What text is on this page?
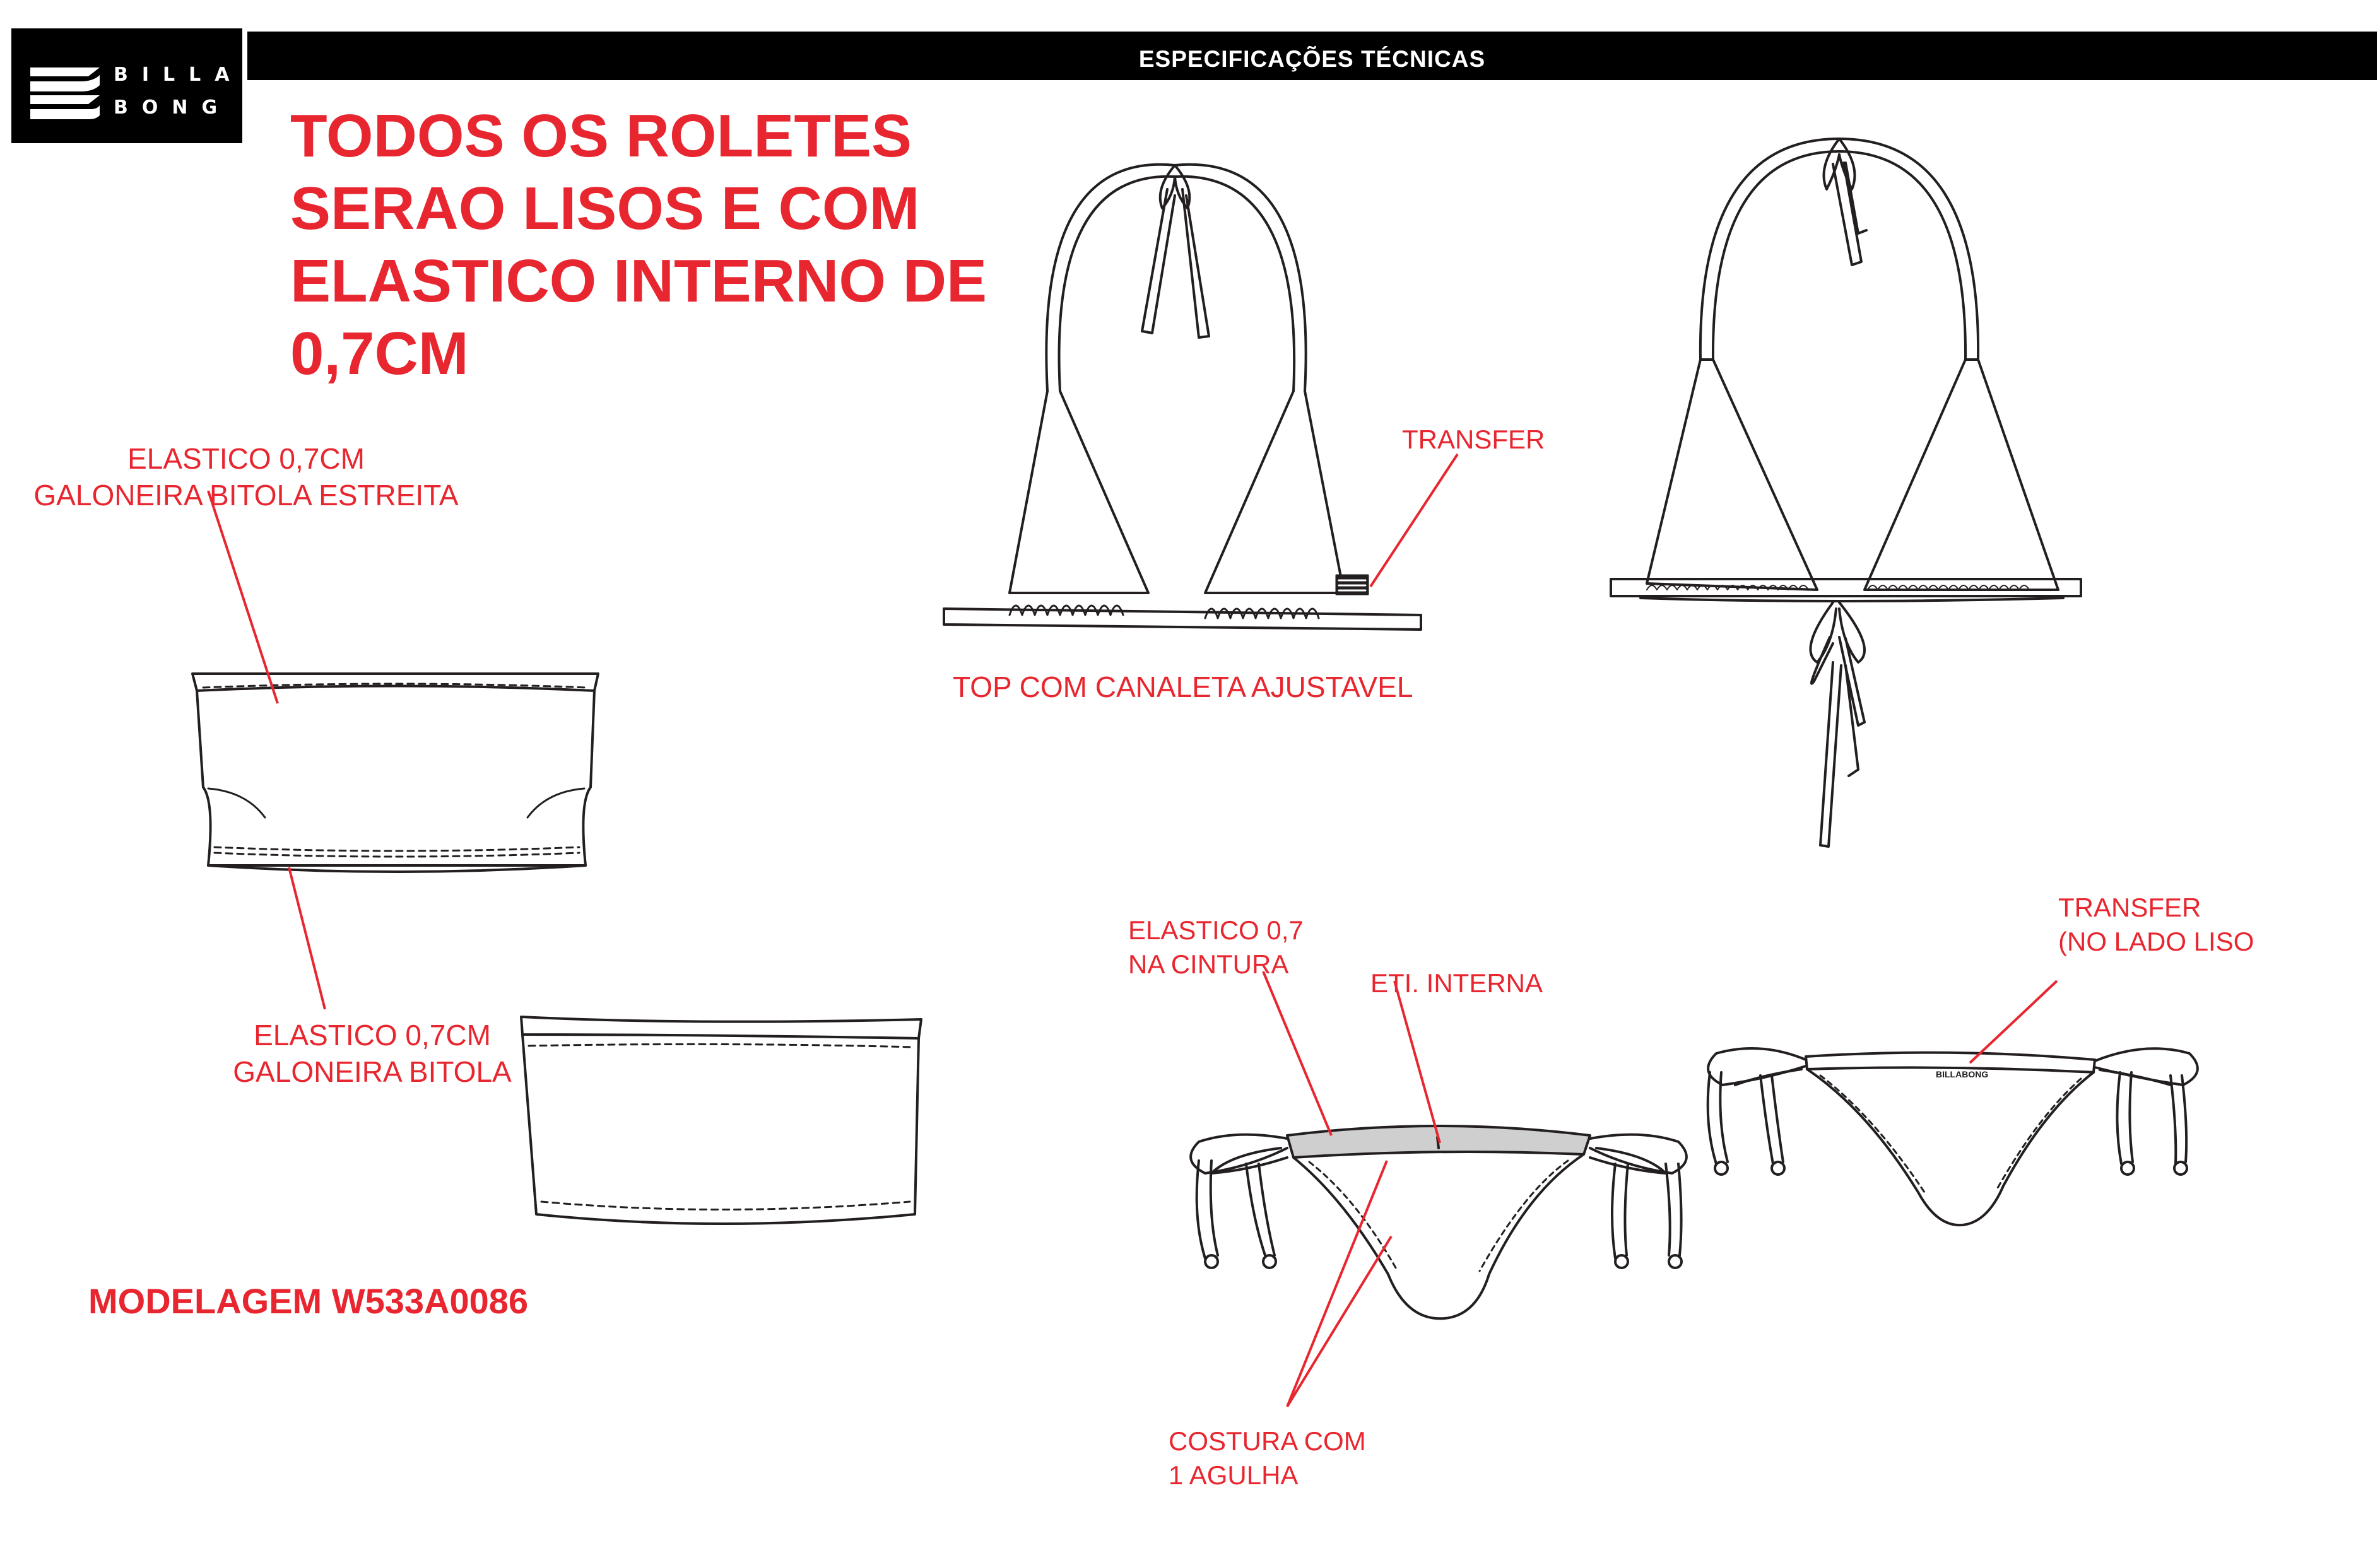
BILLA
BONG
ESPECIFICAÇÕES TÉCNICAS
TODOS OS ROLETES SERAO LISOS E COM ELASTICO INTERNO DE 0,7CM
BILLABONG
ELASTICO 0,7CM
GALONEIRA BITOLA ESTREITA
ELASTICO 0,7CM
GALONEIRA BITOLA
TOP COM CANALETA AJUSTAVEL
TRANSFER
ELASTICO 0,7
NA CINTURA
ETI. INTERNA
TRANSFER
(NO LADO LISO
COSTURA COM
1 AGULHA
MODELAGEM W533A0086
